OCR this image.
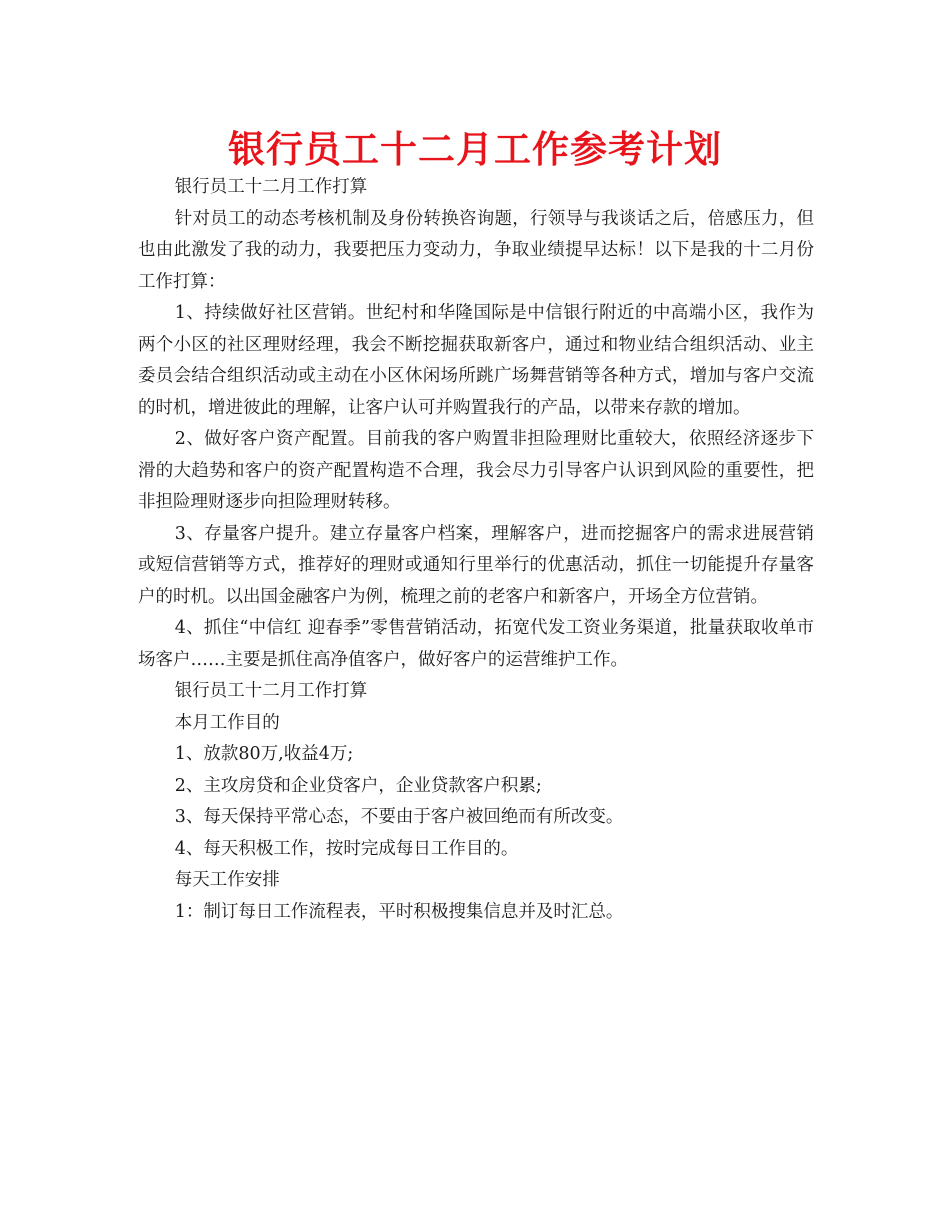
银行员工十二月工作参考计划

银行员工十二月工作打算

针对员工的动态考核机制及身份转换咨询题，行领导与我谈话之后，倍感压力，但也由此激发了我的动力，我要把压力变动力，争取业绩提早达标！以下是我的十二月份工作打算：

1、持续做好社区营销。世纪村和华隆国际是中信银行附近的中高端小区，我作为两个小区的社区理财经理，我会不断挖掘获取新客户，通过和物业结合组织活动、业主委员会结合组织活动或主动在小区休闲场所跳广场舞营销等各种方式，增加与客户交流的时机，增进彼此的理解，让客户认可并购置我行的产品，以带来存款的增加。

2、做好客户资产配置。目前我的客户购置非担险理财比重较大，依照经济逐步下滑的大趋势和客户的资产配置构造不合理，我会尽力引导客户认识到风险的重要性，把非担险理财逐步向担险理财转移。

3、存量客户提升。建立存量客户档案，理解客户，进而挖掘客户的需求进展营销或短信营销等方式，推荐好的理财或通知行里举行的优惠活动，抓住一切能提升存量客户的时机。以出国金融客户为例，梳理之前的老客户和新客户，开场全方位营销。

4、抓住“中信红 迎春季”零售营销活动，拓宽代发工资业务渠道，批量获取收单市场客户……主要是抓住高净值客户，做好客户的运营维护工作。

银行员工十二月工作打算

本月工作目的

1、放款80万,收益4万;

2、主攻房贷和企业贷客户，企业贷款客户积累;

3、每天保持平常心态，不要由于客户被回绝而有所改变。

4、每天积极工作，按时完成每日工作目的。

每天工作安排

1：制订每日工作流程表，平时积极搜集信息并及时汇总。
